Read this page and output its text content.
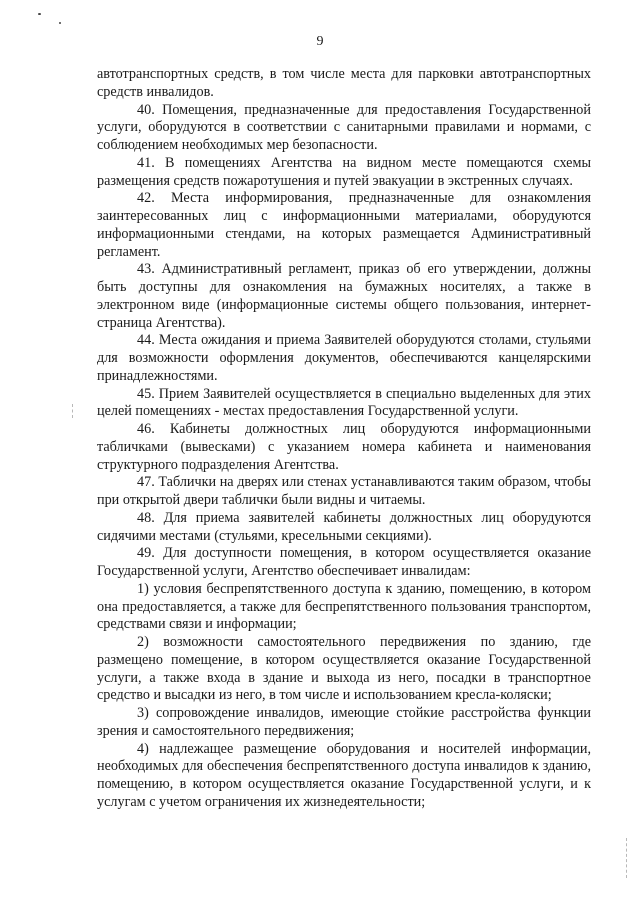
9

автотранспортных средств, в том числе места для парковки автотранспортных средств инвалидов.

40. Помещения, предназначенные для предоставления Государственной услуги, оборудуются в соответствии с санитарными правилами и нормами, с соблюдением необходимых мер безопасности.

41. В помещениях Агентства на видном месте помещаются схемы размещения средств пожаротушения и путей эвакуации в экстренных случаях.

42. Места информирования, предназначенные для ознакомления заинтересованных лиц с информационными материалами, оборудуются информационными стендами, на которых размещается Административный регламент.

43. Административный регламент, приказ об его утверждении, должны быть доступны для ознакомления на бумажных носителях, а также в электронном виде (информационные системы общего пользования, интернет-страница Агентства).

44. Места ожидания и приема Заявителей оборудуются столами, стульями для возможности оформления документов, обеспечиваются канцелярскими принадлежностями.

45. Прием Заявителей осуществляется в специально выделенных для этих целей помещениях - местах предоставления Государственной услуги.

46. Кабинеты должностных лиц оборудуются информационными табличками (вывесками) с указанием номера кабинета и наименования структурного подразделения Агентства.

47. Таблички на дверях или стенах устанавливаются таким образом, чтобы при открытой двери таблички были видны и читаемы.

48. Для приема заявителей кабинеты должностных лиц оборудуются сидячими местами (стульями, кресельными секциями).

49. Для доступности помещения, в котором осуществляется оказание Государственной услуги, Агентство обеспечивает инвалидам:

1) условия беспрепятственного доступа к зданию, помещению, в котором она предоставляется, а также для беспрепятственного пользования транспортом, средствами связи и информации;

2) возможности самостоятельного передвижения по зданию, где размещено помещение, в котором осуществляется оказание Государственной услуги, а также входа в здание и выхода из него, посадки в транспортное средство и высадки из него, в том числе и использованием кресла-коляски;

3) сопровождение инвалидов, имеющие стойкие расстройства функции зрения и самостоятельного передвижения;

4) надлежащее размещение оборудования и носителей информации, необходимых для обеспечения беспрепятственного доступа инвалидов к зданию, помещению, в котором осуществляется оказание Государственной услуги, и к услугам с учетом ограничения их жизнедеятельности;
